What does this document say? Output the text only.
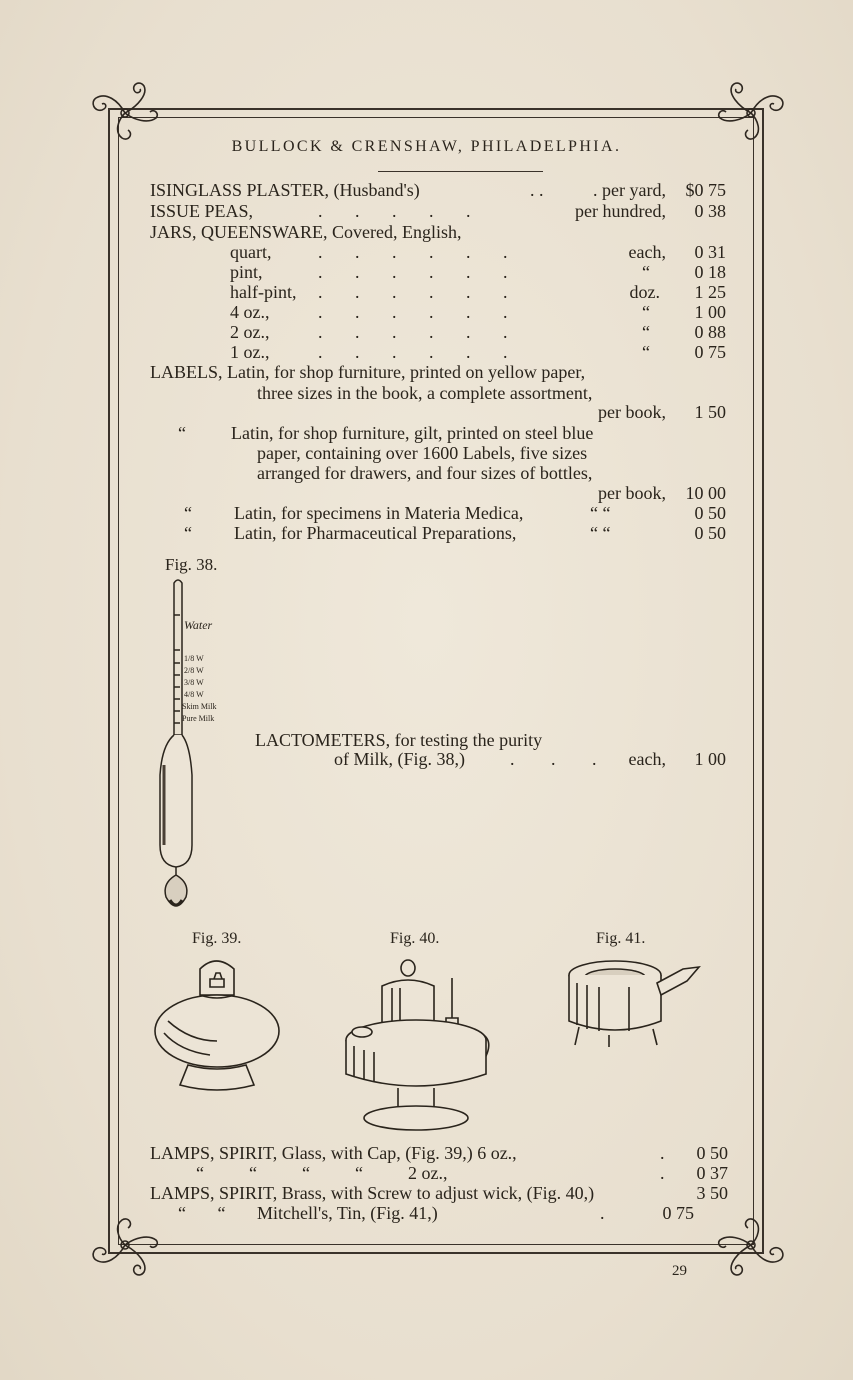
BULLOCK & CRENSHAW, PHILADELPHIA.
ISINGLASS PLASTER, (Husband's)	. .	. per yard,	$0 75
ISSUE PEAS,	. . . . .	per hundred,	0 38
JARS, QUEENSWARE, Covered, English,
quart,	. . . . . .	each,	0 31
pint,	. . . . . .	“	0 18
half-pint, . . . . . .	doz.	1 25
4 oz.,	. . . . . .	“	1 00
2 oz.,	. . . . . .	“	0 88
1 oz.,	. . . . . .	“	0 75
LABELS, Latin, for shop furniture, printed on yellow paper,
three sizes in the book, a complete assortment,
per book,	1 50
“	Latin, for shop furniture, gilt, printed on steel blue
paper, containing over 1600 Labels, five sizes
arranged for drawers, and four sizes of bottles,
per book,	10 00
“ Latin, for specimens in Materia Medica,	“ “	0 50
“ Latin, for Pharmaceutical Preparations,	“ “	0 50
Fig. 38.
Water
1/8 W
2/8 W
3/8 W
4/8 W
Skim Milk
Pure Milk
LACTOMETERS, for testing the purity
of Milk, (Fig. 38,) . . . each,	1 00
Fig. 39.	Fig. 40.	Fig. 41.
LAMPS, SPIRIT, Glass, with Cap, (Fig. 39,) 6 oz.,	.	0 50
“          “          “          “          2 oz.,	.	0 37
LAMPS, SPIRIT, Brass, with Screw to adjust wick, (Fig. 40,)	3 50
“       “       Mitchell's, Tin, (Fig. 41,)	.	0 75
29
